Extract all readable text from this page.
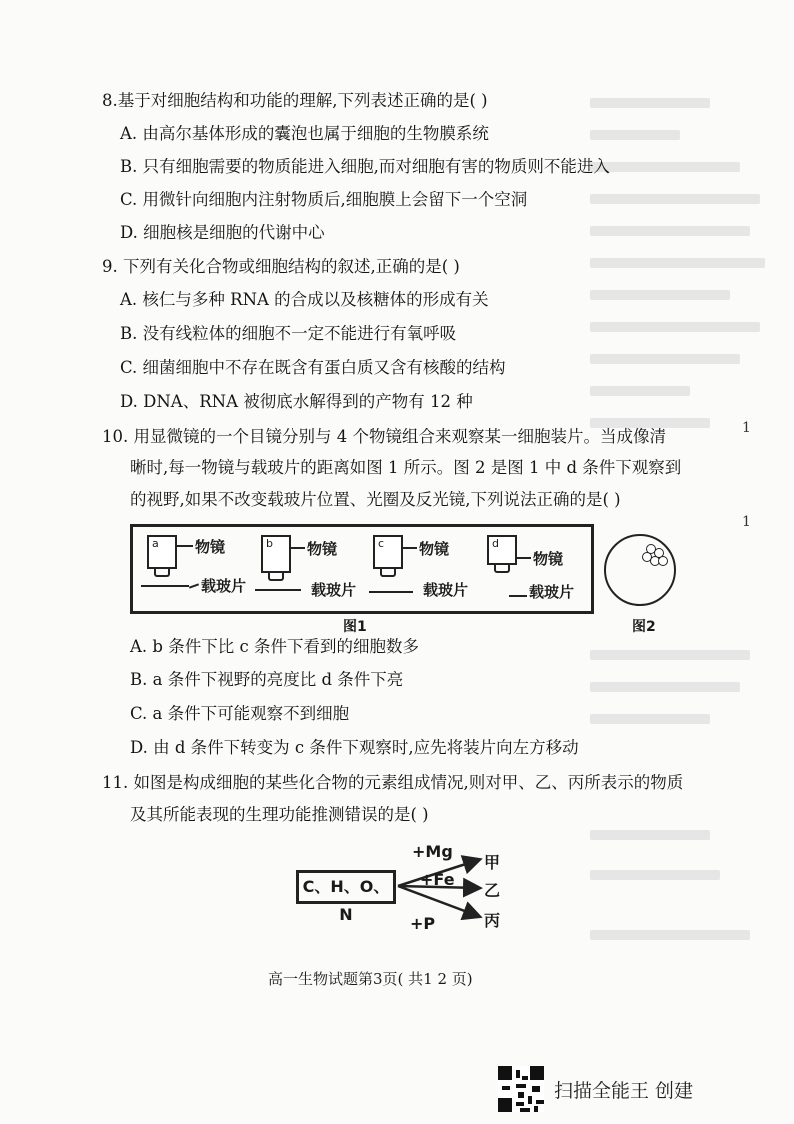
8.基于对细胞结构和功能的理解,下列表述正确的是( )
A. 由高尔基体形成的囊泡也属于细胞的生物膜系统
B. 只有细胞需要的物质能进入细胞,而对细胞有害的物质则不能进入
C. 用微针向细胞内注射物质后,细胞膜上会留下一个空洞
D. 细胞核是细胞的代谢中心
9. 下列有关化合物或细胞结构的叙述,正确的是( )
A. 核仁与多种 RNA 的合成以及核糖体的形成有关
B. 没有线粒体的细胞不一定不能进行有氧呼吸
C. 细菌细胞中不存在既含有蛋白质又含有核酸的结构
D. DNA、RNA 被彻底水解得到的产物有 12 种
10. 用显微镜的一个目镜分别与 4 个物镜组合来观察某一细胞装片。当成像清
晰时,每一物镜与载玻片的距离如图 1 所示。图 2 是图 1 中 d 条件下观察到
的视野,如果不改变载玻片位置、光圈及反光镜,下列说法正确的是( )
1
1
a 物镜
载玻片
b 物镜
载玻片
c 物镜
载玻片
d
物镜
载玻片
图1	图2
A. b 条件下比 c 条件下看到的细胞数多
B. a 条件下视野的亮度比 d 条件下亮
C. a 条件下可能观察不到细胞
D. 由 d 条件下转变为 c 条件下观察时,应先将装片向左方移动
11. 如图是构成细胞的某些化合物的元素组成情况,则对甲、乙、丙所表示的物质
及其所能表现的生理功能推测错误的是( )
C、H、O、N
+Mg
甲
+Fe
乙
+P	丙
高一生物试题第3页( 共1 2 页)
扫描全能王 创建
